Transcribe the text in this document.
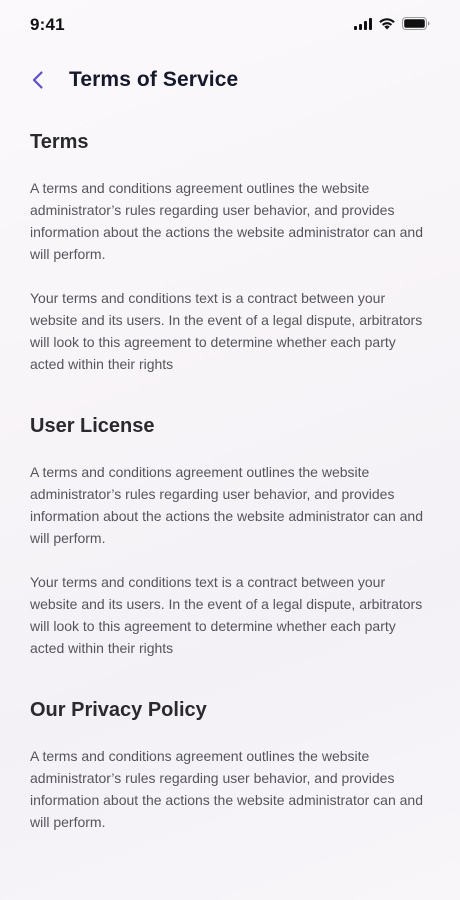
9:41
Terms of Service
Terms

A terms and conditions agreement outlines the website administrator’s rules regarding user behavior, and provides information about the actions the website administrator can and will perform.

Your terms and conditions text is a contract between your website and its users. In the event of a legal dispute, arbitrators will look to this agreement to determine whether each party acted within their rights

User License

A terms and conditions agreement outlines the website administrator’s rules regarding user behavior, and provides information about the actions the website administrator can and will perform.

Your terms and conditions text is a contract between your website and its users. In the event of a legal dispute, arbitrators will look to this agreement to determine whether each party acted within their rights

Our Privacy Policy

A terms and conditions agreement outlines the website administrator’s rules regarding user behavior, and provides information about the actions the website administrator can and will perform.
